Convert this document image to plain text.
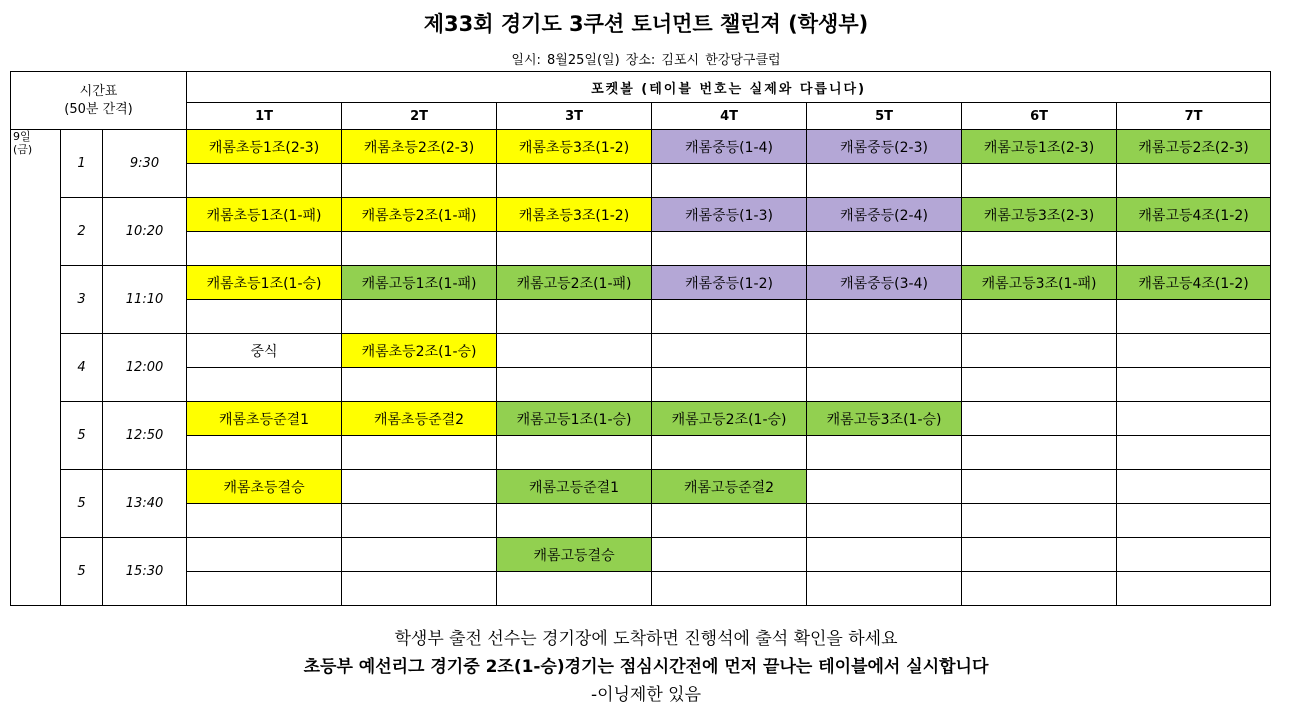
제33회 경기도 3쿠션 토너먼트 챌린져 (학생부)
일시: 8월25일(일) 장소: 김포시 한강당구클럽
시간표
(50분 간격)			포켓볼 (테이블 번호는 실제와 다릅니다)						
			1T	2T	3T	4T	5T	6T	7T

9일
(금)	1	9:30	캐롬초등1조(2-3)	캐롬초등2조(2-3)	캐롬초등3조(1-2)	캐롬중등(1-4)	캐롬중등(2-3)	캐롬고등1조(2-3)	캐롬고등2조(2-3)

	2	10:20	캐롬초등1조(1-패)	캐롬초등2조(1-패)	캐롬초등3조(1-2)	캐롬중등(1-3)	캐롬중등(2-4)	캐롬고등3조(2-3)	캐롬고등4조(1-2)

	3	11:10	캐롬초등1조(1-승)	캐롬고등1조(1-패)	캐롬고등2조(1-패)	캐롬중등(1-2)	캐롬중등(3-4)	캐롬고등3조(1-패)	캐롬고등4조(1-2)

	4	12:00	중식	캐롬초등2조(1-승)					

	5	12:50	캐롬초등준결1	캐롬초등준결2	캐롬고등1조(1-승)	캐롬고등2조(1-승)	캐롬고등3조(1-승)		

	5	13:40	캐롬초등결승		캐롬고등준결1	캐롬고등준결2			

	5	15:30			캐롬고등결승				

학생부 출전 선수는 경기장에 도착하면 진행석에 출석 확인을 하세요
초등부 예선리그 경기중 2조(1-승)경기는 점심시간전에 먼저 끝나는 테이블에서 실시합니다
-이닝제한 있음
